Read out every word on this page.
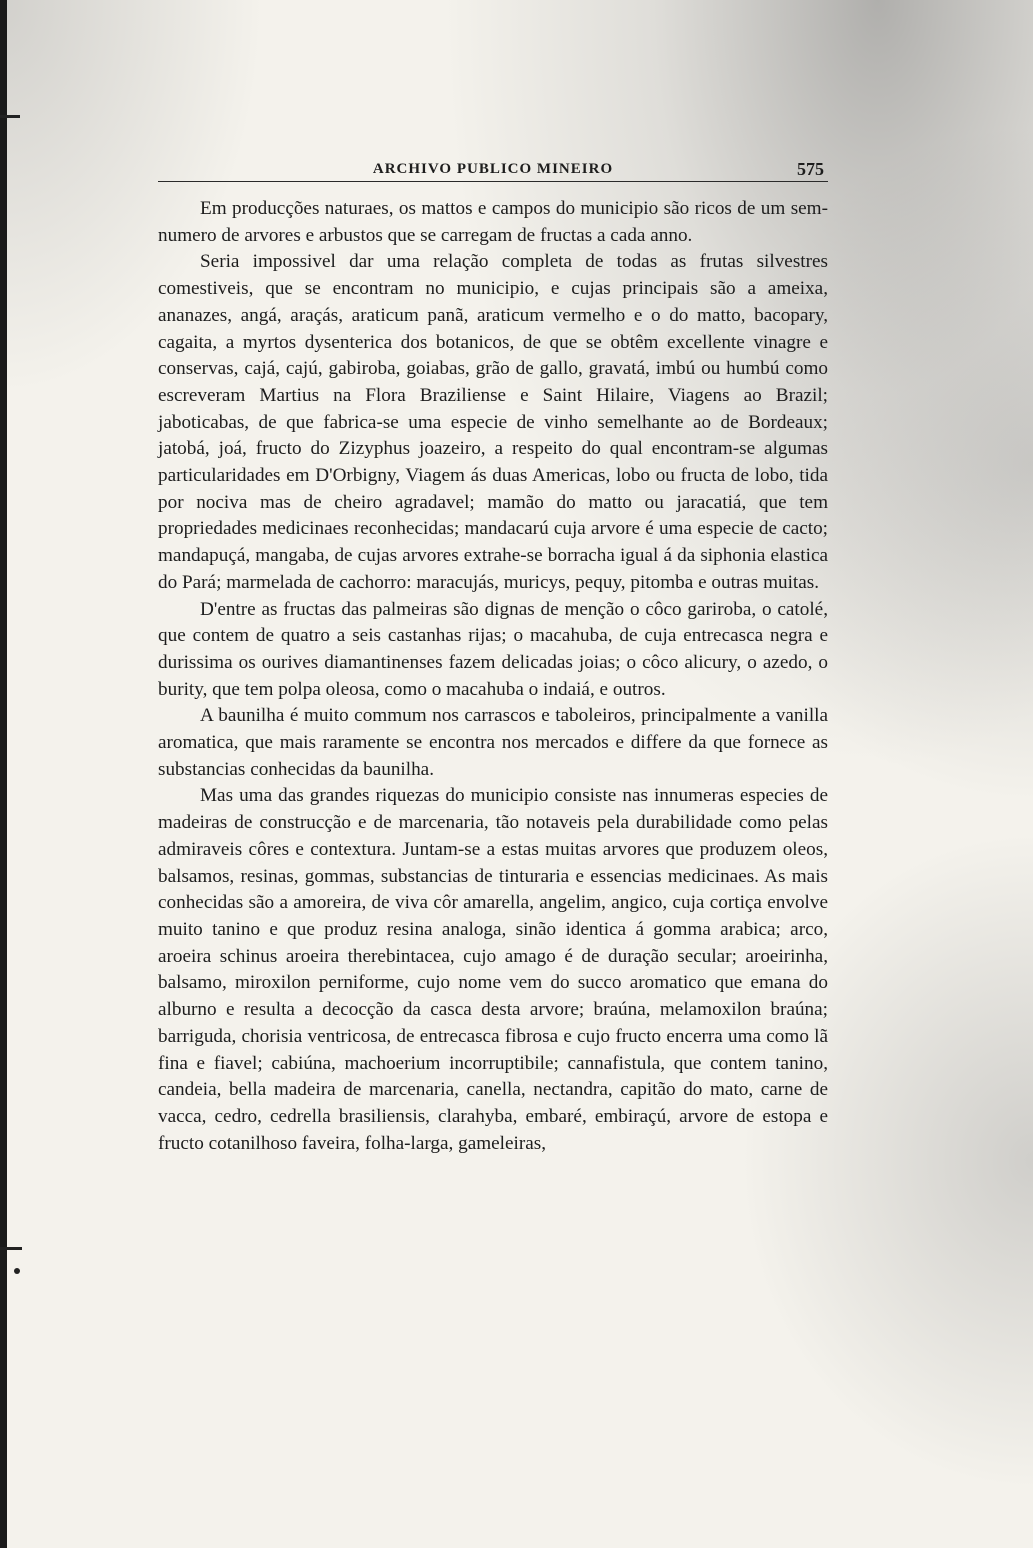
ARCHIVO PUBLICO MINEIRO	575

Em producções naturaes, os mattos e campos do municipio são ricos de um sem-numero de arvores e arbustos que se carregam de fructas a cada anno.

Seria impossivel dar uma relação completa de todas as frutas silvestres comestiveis, que se encontram no municipio, e cujas principais são a ameixa, ananazes, angá, araçás, araticum panã, araticum vermelho e o do matto, bacopary, cagaita, a myrtos dysenterica dos botanicos, de que se obtêm excellente vinagre e conservas, cajá, cajú, gabiroba, goiabas, grão de gallo, gravatá, imbú ou humbú como escreveram Martius na Flora Braziliense e Saint Hilaire, Viagens ao Brazil; jaboticabas, de que fabrica-se uma especie de vinho semelhante ao de Bordeaux; jatobá, joá, fructo do Zizyphus joazeiro, a respeito do qual encontram-se algumas particularidades em D'Orbigny, Viagem ás duas Americas, lobo ou fructa de lobo, tida por nociva mas de cheiro agradavel; mamão do matto ou jaracatiá, que tem propriedades medicinaes reconhecidas; mandacarú cuja arvore é uma especie de cacto; mandapuçá, mangaba, de cujas arvores extrahe-se borracha igual á da siphonia elastica do Pará; marmelada de cachorro: maracujás, muricys, pequy, pitomba e outras muitas.

D'entre as fructas das palmeiras são dignas de menção o côco gariroba, o catolé, que contem de quatro a seis castanhas rijas; o macahuba, de cuja entrecasca negra e durissima os ourives diamantinenses fazem delicadas joias; o côco alicury, o azedo, o burity, que tem polpa oleosa, como o macahuba o indaiá, e outros.

A baunilha é muito commum nos carrascos e taboleiros, principalmente a vanilla aromatica, que mais raramente se encontra nos mercados e differe da que fornece as substancias conhecidas da baunilha.

Mas uma das grandes riquezas do municipio consiste nas innumeras especies de madeiras de construcção e de marcenaria, tão notaveis pela durabilidade como pelas admiraveis côres e contextura. Juntam-se a estas muitas arvores que produzem oleos, balsamos, resinas, gommas, substancias de tinturaria e essencias medicinaes. As mais conhecidas são a amoreira, de viva côr amarella, angelim, angico, cuja cortiça envolve muito tanino e que produz resina analoga, sinão identica á gomma arabica; arco, aroeira schinus aroeira therebintacea, cujo amago é de duração secular; aroeirinha, balsamo, miroxilon perniforme, cujo nome vem do succo aromatico que emana do alburno e resulta a decocção da casca desta arvore; braúna, melamoxilon braúna; barriguda, chorisia ventricosa, de entrecasca fibrosa e cujo fructo encerra uma como lã fina e fiavel; cabiúna, machoerium incorruptibile; cannafistula, que contem tanino, candeia, bella madeira de marcenaria, canella, nectandra, capitão do mato, carne de vacca, cedro, cedrella brasiliensis, clarahyba, embaré, embiraçú, arvore de estopa e fructo cotanilhoso faveira, folha-larga, gameleiras,
